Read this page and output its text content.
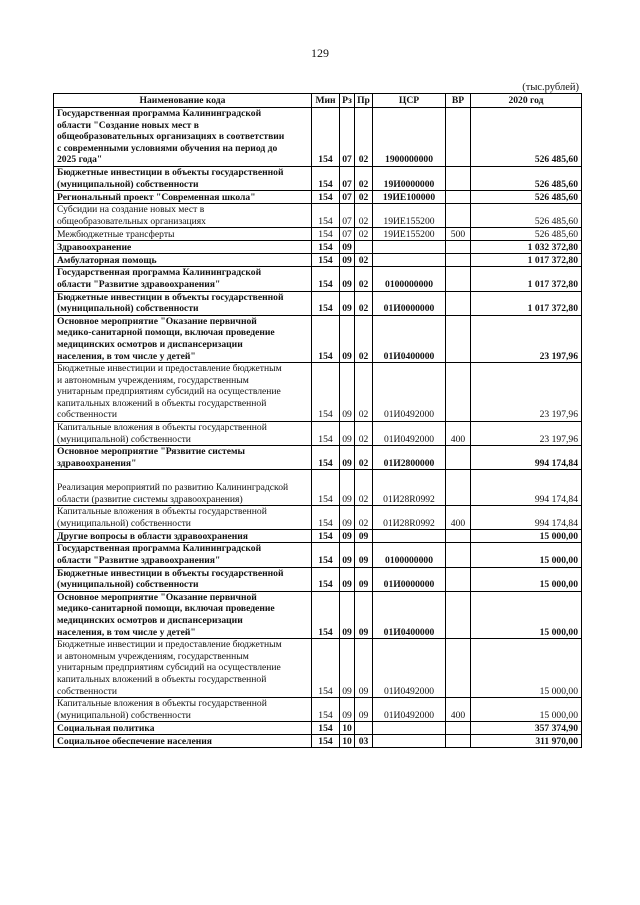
129
(тыс.рублей)
Наименование кода	Мин	Рз	Пр	ЦСР	ВР	2020 год

Государственная программа Калининградской
области "Создание новых мест в
общеобразовательных организациях в соответствии
с современными условиями обучения на период до
2025 года"	154	07	02	1900000000		526 485,60

Бюджетные инвестиции в объекты государственной
(муниципальной) собственности	154	07	02	19И0000000		526 485,60

Региональный проект "Современная школа"	154	07	02	19ИЕ100000		526 485,60

Субсидии на создание новых мест в
общеобразовательных организациях	154	07	02	19ИЕ155200		526 485,60

Межбюджетные трансферты	154	07	02	19ИЕ155200	500	526 485,60

Здравоохранение	154	09				1 032 372,80

Амбулаторная помощь	154	09	02			1 017 372,80

Государственная программа Калининградской
области "Развитие здравоохранения"	154	09	02	0100000000		1 017 372,80

Бюджетные инвестиции в объекты государственной
(муниципальной) собственности	154	09	02	01И0000000		1 017 372,80

Основное мероприятие "Оказание первичной
медико-санитарной помощи, включая проведение
медицинских осмотров и диспансеризации
населения, в том числе у детей"	154	09	02	01И0400000		23 197,96

Бюджетные инвестиции и предоставление бюджетным
и автономным учреждениям, государственным
унитарным предприятиям субсидий на осуществление
капитальных вложений в объекты государственной
собственности	154	09	02	01И0492000		23 197,96

Капитальные вложения в объекты государственной
(муниципальной) собственности	154	09	02	01И0492000	400	23 197,96

Основное мероприятие "Рязвитие системы
здравоохранения"	154	09	02	01И2800000		994 174,84

Реализация мероприятий по развитию Калининградской
области (развитие системы здравоохранения)	154	09	02	01И28R0992		994 174,84

Капитальные вложения в объекты государственной
(муниципальной) собственности	154	09	02	01И28R0992	400	994 174,84

Другие вопросы в области здравоохранения	154	09	09			15 000,00

Государственная программа Калининградской
области "Развитие здравоохранения"	154	09	09	0100000000		15 000,00

Бюджетные инвестиции в объекты государственной
(муниципальной) собственности	154	09	09	01И0000000		15 000,00

Основное мероприятие "Оказание первичной
медико-санитарной помощи, включая проведение
медицинских осмотров и диспансеризации
населения, в том числе у детей"	154	09	09	01И0400000		15 000,00

Бюджетные инвестиции и предоставление бюджетным
и автономным учреждениям, государственным
унитарным предприятиям субсидий на осуществление
капитальных вложений в объекты государственной
собственности	154	09	09	01И0492000		15 000,00

Капитальные вложения в объекты государственной
(муниципальной) собственности	154	09	09	01И0492000	400	15 000,00

Социальная политика	154	10				357 374,90

Социальное обеспечение населения	154	10	03			311 970,00
